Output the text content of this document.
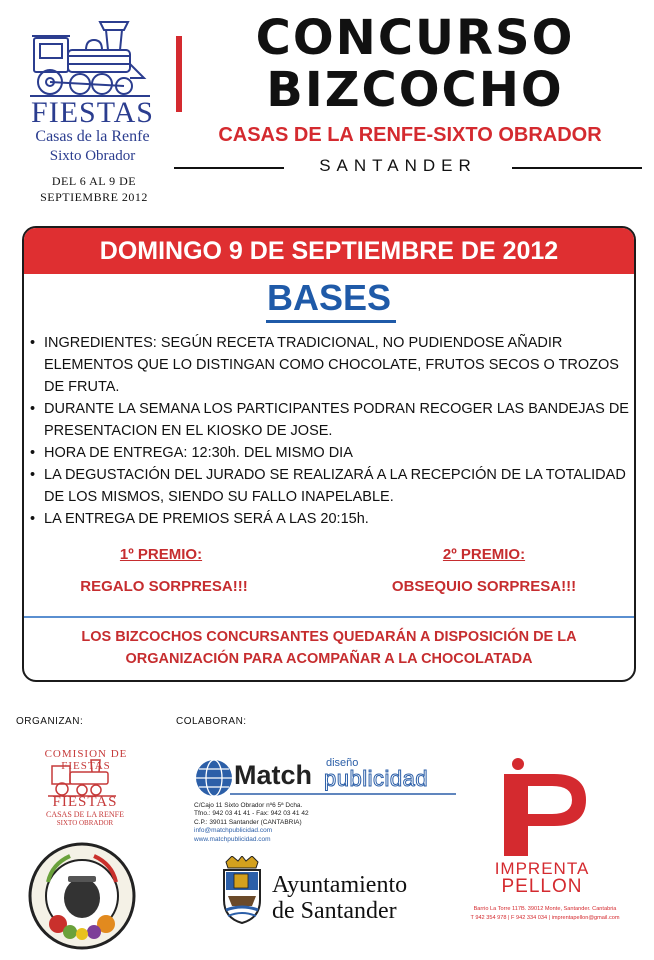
FIESTAS
Casas de la Renfe
Sixto Obrador
DEL 6 AL 9 DE
SEPTIEMBRE 2012
CONCURSO
BIZCOCHO
CASAS DE LA RENFE-SIXTO OBRADOR
SANTANDER
DOMINGO 9 DE SEPTIEMBRE DE 2012
BASES
• INGREDIENTES: SEGÚN RECETA TRADICIONAL, NO PUDIENDOSE AÑADIR ELEMENTOS QUE LO DISTINGAN COMO CHOCOLATE, FRUTOS SECOS O TROZOS DE FRUTA.
• DURANTE LA SEMANA LOS PARTICIPANTES PODRAN RECOGER LAS BANDEJAS DE PRESENTACION EN EL KIOSKO DE JOSE.
• HORA DE ENTREGA: 12:30h. DEL MISMO DIA
• LA DEGUSTACIÓN DEL JURADO SE REALIZARÁ A LA RECEPCIÓN DE LA TOTALIDAD DE LOS MISMOS, SIENDO SU FALLO INAPELABLE.
• LA ENTREGA DE PREMIOS SERÁ A LAS 20:15h.
1º PREMIO:	2º PREMIO:
REGALO SORPRESA!!!	OBSEQUIO SORPRESA!!!
LOS BIZCOCHOS CONCURSANTES QUEDARÁN A DISPOSICIÓN DE LA ORGANIZACIÓN PARA ACOMPAÑAR A LA CHOCOLATADA
ORGANIZAN:	COLABORAN:
COMISION DE FIESTAS
FIESTAS
CASAS DE LA RENFE
SIXTO OBRADOR
Match diseño
publicidad
C/Cajo 11 Sixto Obrador nº6 5ª Dcha.
Tfno.: 942 03 41 41 - Fax: 942 03 41 42
C.P.: 39011 Santander (CANTABRIA)
info@matchpublicidad.com
www.matchpublicidad.com
Ayuntamiento
de Santander
IMPRENTA
PELLON
Barrio La Torre 117B. 39012 Monte, Santander. Cantabria
T 942 354 978 | F 942 334 034 | imprentapellon@gmail.com
